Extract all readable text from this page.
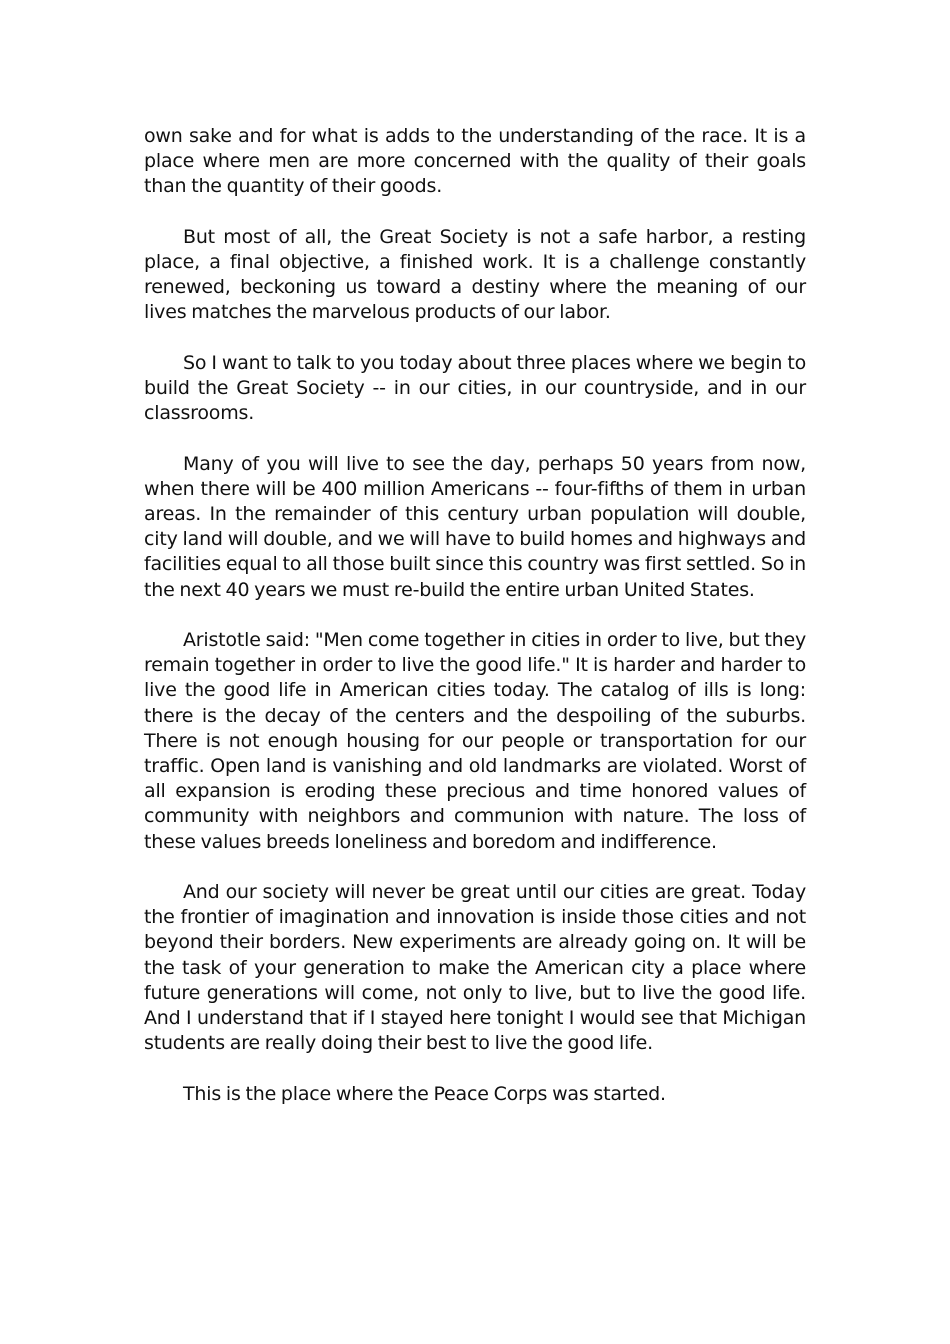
own sake and for what is adds to the understanding of the race. It is a place where men are more concerned with the quality of their goals than the quantity of their goods.

But most of all, the Great Society is not a safe harbor, a resting place, a final objective, a finished work. It is a challenge constantly renewed, beckoning us toward a destiny where the meaning of our lives matches the marvelous products of our labor.

So I want to talk to you today about three places where we begin to build the Great Society -- in our cities, in our countryside, and in our classrooms.

Many of you will live to see the day, perhaps 50 years from now, when there will be 400 million Americans -- four-fifths of them in urban areas. In the remainder of this century urban population will double, city land will double, and we will have to build homes and highways and facilities equal to all those built since this country was first settled. So in the next 40 years we must re-build the entire urban United States.

Aristotle said: "Men come together in cities in order to live, but they remain together in order to live the good life." It is harder and harder to live the good life in American cities today. The catalog of ills is long: there is the decay of the centers and the despoiling of the suburbs. There is not enough housing for our people or transportation for our traffic. Open land is vanishing and old landmarks are violated. Worst of all expansion is eroding these precious and time honored values of community with neighbors and communion with nature. The loss of these values breeds loneliness and boredom and indifference.

And our society will never be great until our cities are great. Today the frontier of imagination and innovation is inside those cities and not beyond their borders. New experiments are already going on. It will be the task of your generation to make the American city a place where future generations will come, not only to live, but to live the good life. And I understand that if I stayed here tonight I would see that Michigan students are really doing their best to live the good life.

This is the place where the Peace Corps was started.
